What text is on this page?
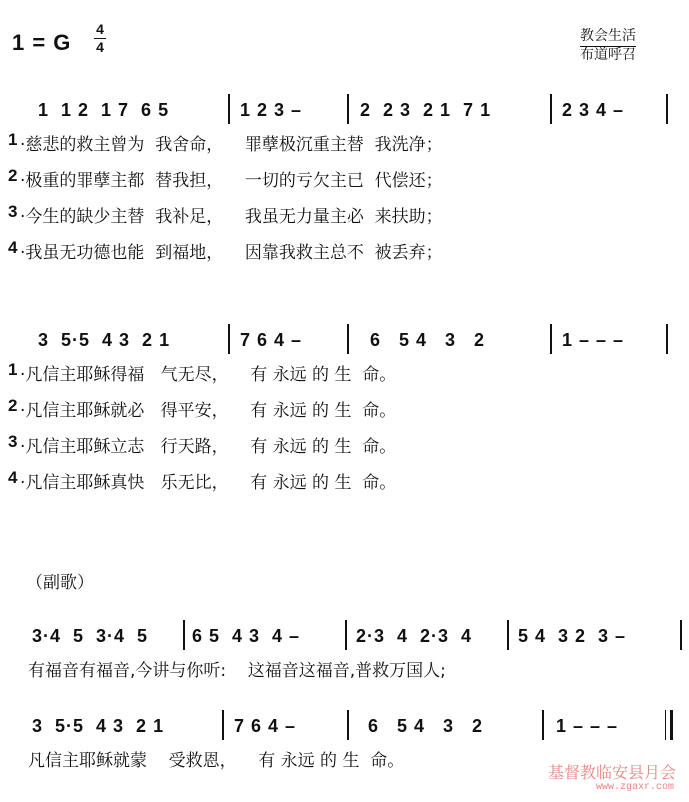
1 = G
4
4
教会生活
布道呼召
1  1 2  1 7  6 5	1 2 3 –	2  2 3  2 1  7 1	2 3 4 –

1

·慈悲的救主曾为  我舍命，    罪孽极沉重主替  我洗净；

2

·极重的罪孽主都  替我担，    一切的亏欠主已  代偿还；

3

·今生的缺少主替  我补足，    我虽无力量主必  来扶助；

4

·我虽无功德也能  到福地，    因靠我救主总不  被丢弃；

3  5·5  4 3  2 1	7 6 4 –	6   5 4   3   2	1 – – –

1

·凡信主耶稣得福   气无尽，    有 永远 的 生  命。

2

·凡信主耶稣就必   得平安，    有 永远 的 生  命。

3

·凡信主耶稣立志   行天路，    有 永远 的 生  命。

4

·凡信主耶稣真快   乐无比，    有 永远 的 生  命。

（副歌）
3·4  5  3·4  5 6 5  4 3  4 –	2·3  4  2·3  4	5 4  3 2  3 –

有福音有福音,今讲与你听:    这福音这福音,普救万国人;

3  5·5  4 3  2 1	7 6 4 –	6   5 4   3   2	1 – – –

凡信主耶稣就蒙    受救恩，    有 永远 的 生  命。

基督教临安县月会
www.zgaxr.com
